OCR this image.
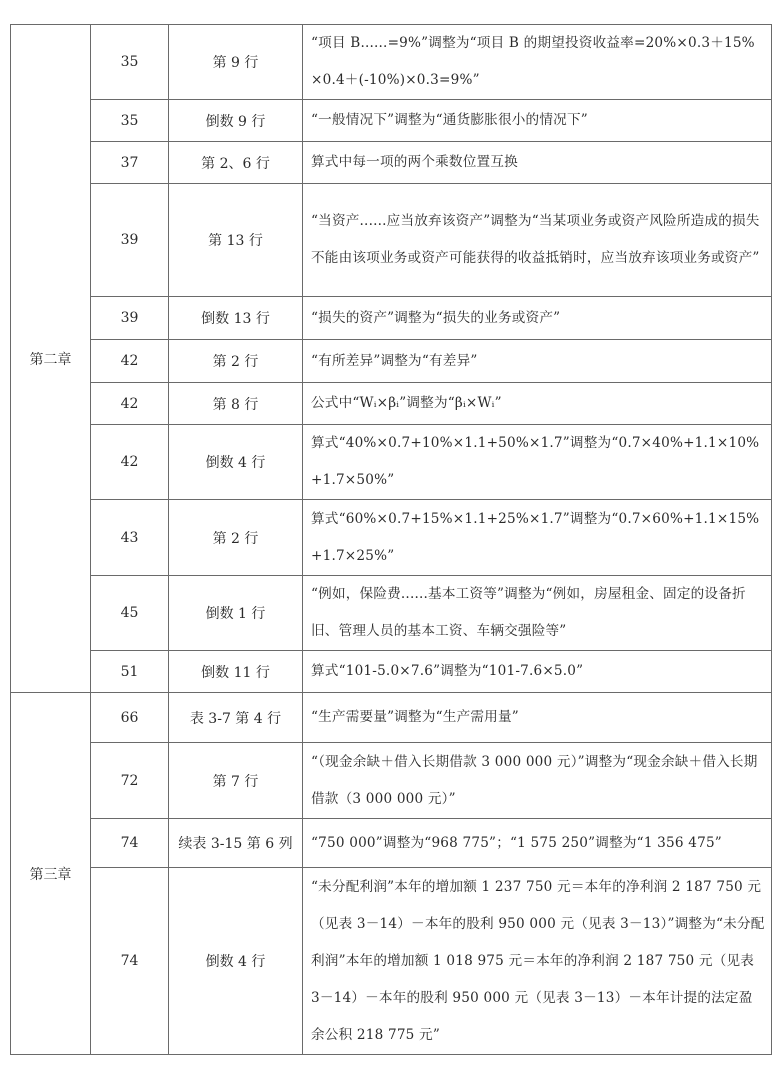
第二章	35	第 9 行	“项目 B......=9%”调整为“项目 B 的期望投资收益率=20%×0.3＋15%×0.4＋(-10%)×0.3=9%”
	35	倒数 9 行	“一般情况下”调整为“通货膨胀很小的情况下”
	37	第 2、6 行	算式中每一项的两个乘数位置互换
	39	第 13 行	“当资产......应当放弃该资产”调整为“当某项业务或资产风险所造成的损失不能由该项业务或资产可能获得的收益抵销时，应当放弃该项业务或资产”
	39	倒数 13 行	“损失的资产”调整为“损失的业务或资产”
	42	第 2 行	“有所差异”调整为“有差异”
	42	第 8 行	公式中“Wᵢ×βᵢ”调整为“βᵢ×Wᵢ”
	42	倒数 4 行	算式“40%×0.7+10%×1.1+50%×1.7”调整为“0.7×40%+1.1×10%+1.7×50%”
	43	第 2 行	算式“60%×0.7+15%×1.1+25%×1.7”调整为“0.7×60%+1.1×15%+1.7×25%”
	45	倒数 1 行	“例如，保险费......基本工资等”调整为“例如，房屋租金、固定的设备折旧、管理人员的基本工资、车辆交强险等”
	51	倒数 11 行	算式“101-5.0×7.6”调整为“101-7.6×5.0”
第三章	66	表 3-7 第 4 行	“生产需要量”调整为“生产需用量”
	72	第 7 行	“（现金余缺＋借入长期借款 3 000 000 元）”调整为“现金余缺＋借入长期借款（3 000 000 元）”
	74	续表 3-15 第 6 列	“750 000”调整为“968 775”；“1 575 250”调整为“1 356 475”
	74	倒数 4 行	“未分配利润”本年的增加额 1 237 750 元＝本年的净利润 2 187 750 元（见表 3－14）－本年的股利 950 000 元（见表 3－13）”调整为“未分配利润”本年的增加额 1 018 975 元＝本年的净利润 2 187 750 元（见表 3－14）－本年的股利 950 000 元（见表 3－13）－本年计提的法定盈余公积 218 775 元”
